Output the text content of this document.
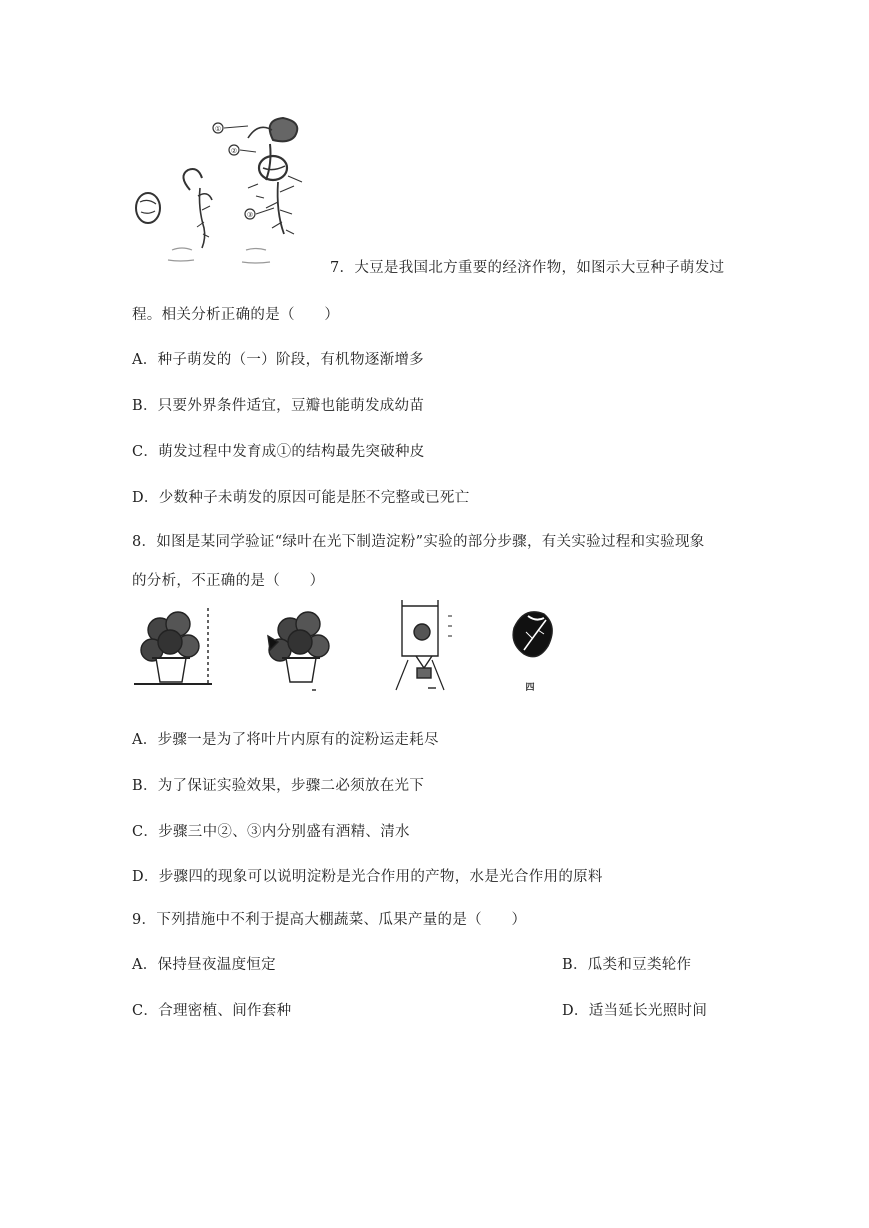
①
②
③
7．大豆是我国北方重要的经济作物，如图示大豆种子萌发过
程。相关分析正确的是（　　）
A．种子萌发的（一）阶段，有机物逐渐增多
B．只要外界条件适宜，豆瓣也能萌发成幼苗
C．萌发过程中发育成①的结构最先突破种皮
D．少数种子未萌发的原因可能是胚不完整或已死亡
8．如图是某同学验证“绿叶在光下制造淀粉”实验的部分步骤，有关实验过程和实验现象
的分析，不正确的是（　　）
四
A．步骤一是为了将叶片内原有的淀粉运走耗尽
B．为了保证实验效果，步骤二必须放在光下
C．步骤三中②、③内分别盛有酒精、清水
D．步骤四的现象可以说明淀粉是光合作用的产物，水是光合作用的原料
9．下列措施中不利于提高大棚蔬菜、瓜果产量的是（　　）
A．保持昼夜温度恒定	B．瓜类和豆类轮作
C．合理密植、间作套种	D．适当延长光照时间
